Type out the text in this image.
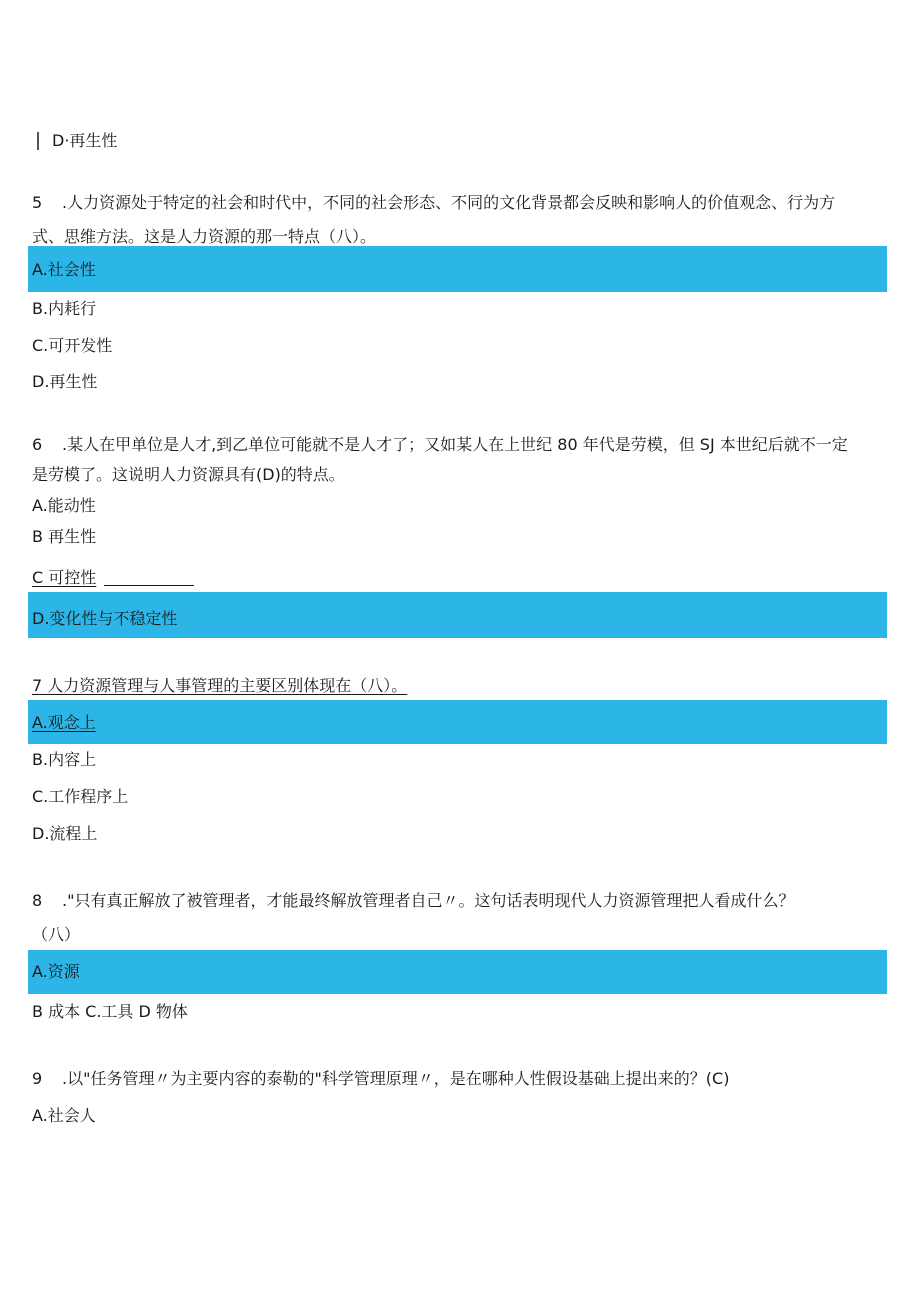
D·再生性
5 .人力资源处于特定的社会和时代中，不同的社会形态、不同的文化背景都会反映和影响人的价值观念、行为方
式、思维方法。这是人力资源的那一特点（八）。
A.社会性
B.内耗行
C.可开发性
D.再生性
6 .某人在甲单位是人才,到乙单位可能就不是人才了；又如某人在上世纪 80 年代是劳模，但 SJ 本世纪后就不一定
是劳模了。这说明人力资源具有(D)的特点。
A.能动性
B 再生性
C 可控性
D.变化性与不稳定性
7 人力资源管理与人事管理的主要区别体现在（八）。
A.观念上
B.内容上
C.工作程序上
D.流程上
8 ."只有真正解放了被管理者，才能最终解放管理者自己〃。这句话表明现代人力资源管理把人看成什么？
（八）
A.资源
B 成本 C.工具 D 物体
9 .以"任务管理〃为主要内容的泰勒的"科学管理原理〃，是在哪种人性假设基础上提出来的？(C)
A.社会人
